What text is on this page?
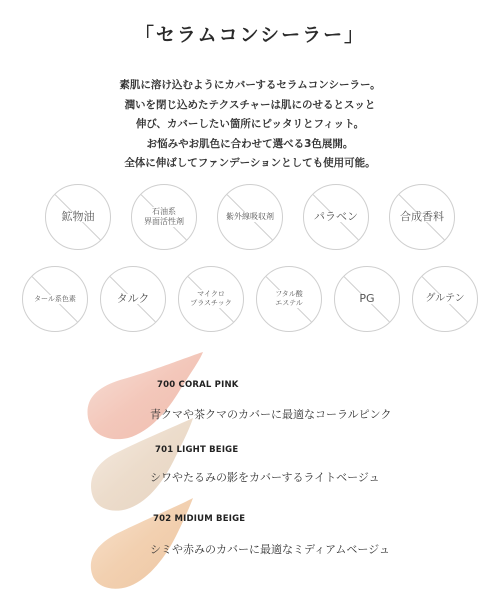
「セラムコンシーラー」
素肌に溶け込むようにカバーするセラムコンシーラー。
潤いを閉じ込めたテクスチャーは肌にのせるとスッと
伸び、カバーしたい箇所にピッタリとフィット。
お悩みやお肌色に合わせて選べる3色展開。
全体に伸ばしてファンデーションとしても使用可能。
鉱物油	石油系
界面活性剤
紫外線吸収剤	パラベン	合成香料
タール系色素	タルク	マイクロ
プラスチック
フタル酸
エステル	PG	グルテン
700 CORAL PINK
青クマや茶クマのカバーに最適なコーラルピンク
701 LIGHT BEIGE
シワやたるみの影をカバーするライトベージュ
702 MIDIUM BEIGE
シミや赤みのカバーに最適なミディアムベージュ
